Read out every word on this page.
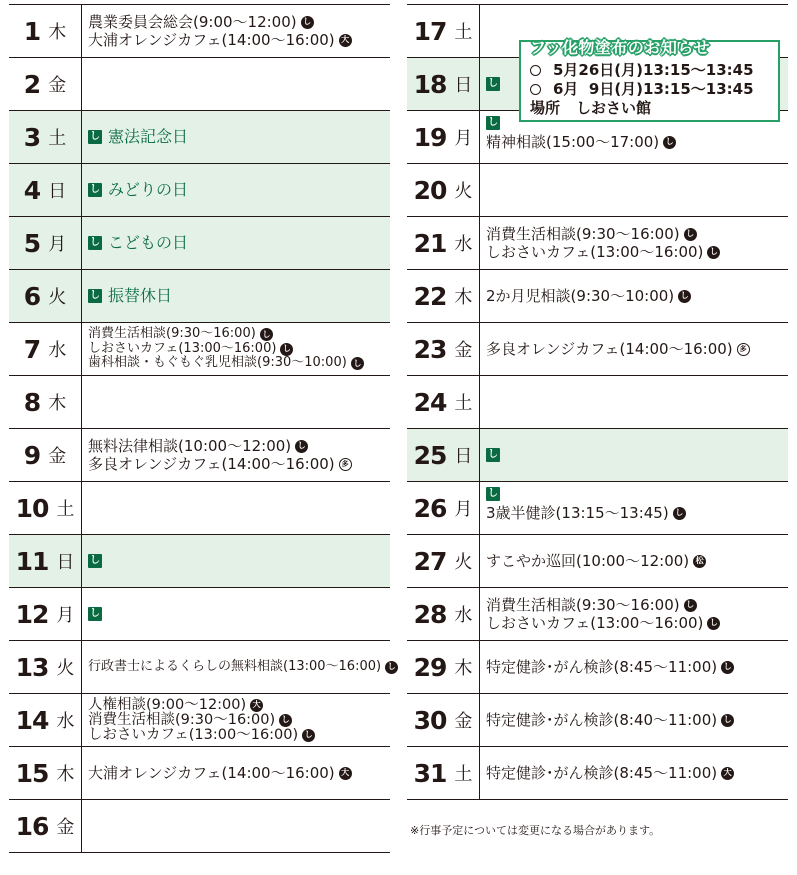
1 木 農業委員会総会(9:00〜12:00) し
大浦オレンジカフェ(14:00〜16:00) 大
2 金
3 土 し 憲法記念日
4 日 し みどりの日
5 月 し こどもの日
6 火 し 振替休日
7 水
消費生活相談(9:30〜16:00) し
しおさいカフェ(13:00〜16:00) し
歯科相談・もぐもぐ乳児相談(9:30〜10:00) し
8 木
9 金 無料法律相談(10:00〜12:00) し
多良オレンジカフェ(14:00〜16:00)	多
10 土
11 日 し
12 月 し
13 火 行政書士によるくらしの無料相談(13:00〜16:00) し
14 水
人権相談(9:00〜12:00) 大
消費生活相談(9:30〜16:00) し
しおさいカフェ(13:00〜16:00) し
15 木 大浦オレンジカフェ(14:00〜16:00) 大
16 金
17 土
18 日 し
19 月
し
精神相談(15:00〜17:00) し
20 火
21 水 消費生活相談(9:30〜16:00) し
しおさいカフェ(13:00〜16:00) し
22 木 2か月児相談(9:30〜10:00) し
23 金 多良オレンジカフェ(14:00〜16:00)	多
24 土
25 日 し
26 月
し
3歳半健診(13:15〜13:45) し
27 火 すこやか巡回(10:00〜12:00) 松
28 水 消費生活相談(9:30〜16:00) し
しおさいカフェ(13:00〜16:00) し
29 木 特定健診･がん検診(8:45〜11:00) し
30 金 特定健診･がん検診(8:40〜11:00) し
31 土 特定健診･がん検診(8:45〜11:00) 大
フッ化物塗布のお知らせ
5月26日(月)13:15〜13:45
6月  9日(月)13:15〜13:45
場所 しおさい館
※行事予定については変更になる場合があります。
